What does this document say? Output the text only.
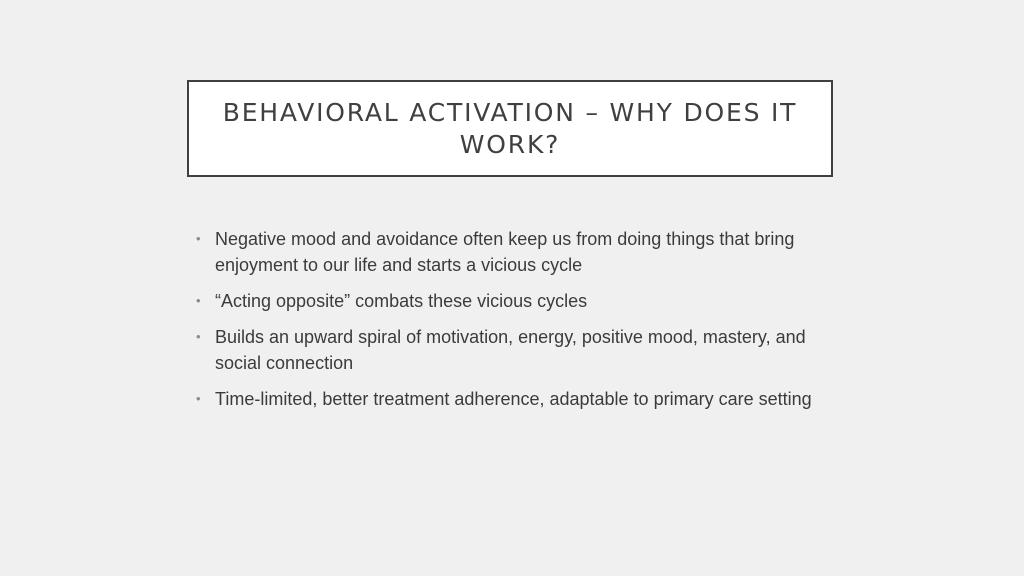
BEHAVIORAL ACTIVATION – WHY DOES IT WORK?
• Negative mood and avoidance often keep us from doing things that bring enjoyment to our life and starts a vicious cycle
• “Acting opposite” combats these vicious cycles
• Builds an upward spiral of motivation, energy, positive mood, mastery, and social connection
• Time-limited, better treatment adherence, adaptable to primary care setting
